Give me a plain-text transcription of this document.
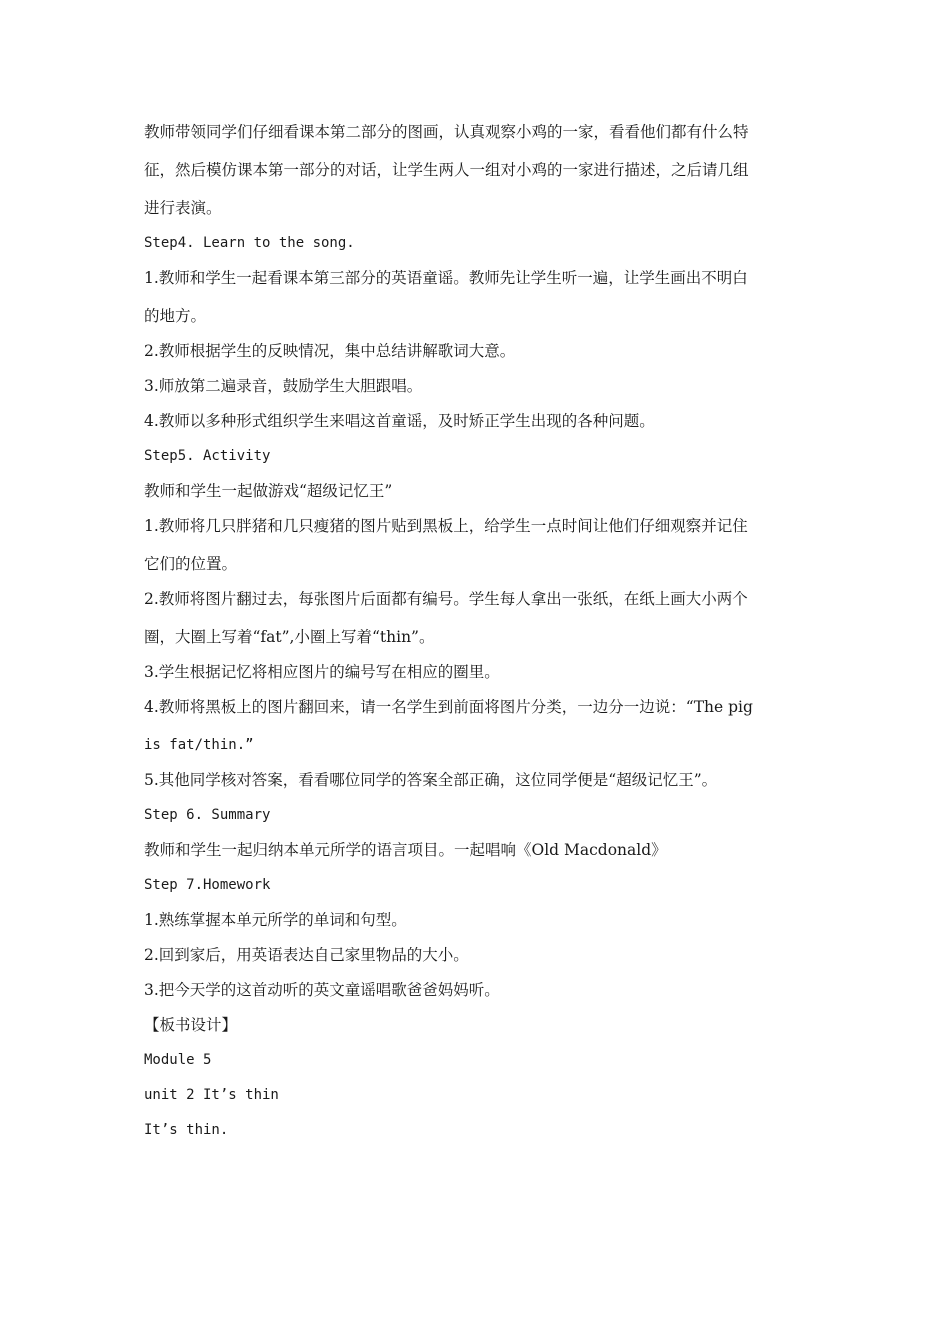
教师带领同学们仔细看课本第二部分的图画，认真观察小鸡的一家，看看他们都有什么特
征，然后模仿课本第一部分的对话，让学生两人一组对小鸡的一家进行描述，之后请几组
进行表演。
Step4. Learn to the song.
1.教师和学生一起看课本第三部分的英语童谣。教师先让学生听一遍，让学生画出不明白
的地方。
2.教师根据学生的反映情况，集中总结讲解歌词大意。
3.师放第二遍录音，鼓励学生大胆跟唱。
4.教师以多种形式组织学生来唱这首童谣，及时矫正学生出现的各种问题。
Step5. Activity
教师和学生一起做游戏“超级记忆王”
1.教师将几只胖猪和几只瘦猪的图片贴到黑板上，给学生一点时间让他们仔细观察并记住
它们的位置。
2.教师将图片翻过去，每张图片后面都有编号。学生每人拿出一张纸，在纸上画大小两个
圈，大圈上写着“fat”,小圈上写着“thin”。
3.学生根据记忆将相应图片的编号写在相应的圈里。
4.教师将黑板上的图片翻回来，请一名学生到前面将图片分类，一边分一边说：“The pig
is fat/thin.”
5.其他同学核对答案，看看哪位同学的答案全部正确，这位同学便是“超级记忆王”。
Step 6. Summary
教师和学生一起归纳本单元所学的语言项目。一起唱响《Old Macdonald》
Step 7.Homework
1.熟练掌握本单元所学的单词和句型。
2.回到家后，用英语表达自己家里物品的大小。
3.把今天学的这首动听的英文童谣唱歌爸爸妈妈听。
【板书设计】
Module 5
unit 2 It’s thin
It’s thin.
